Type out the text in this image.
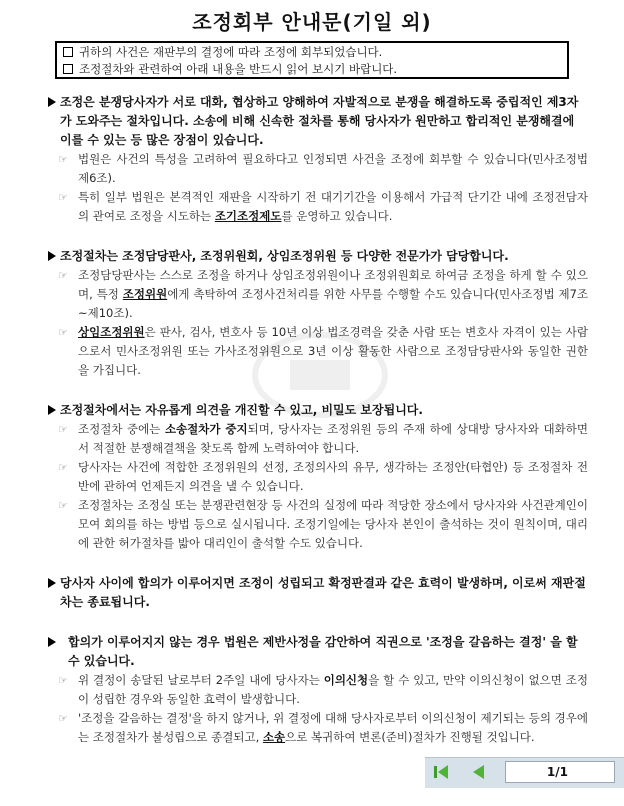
조정회부 안내문(기일 외)
귀하의 사건은 재판부의 결정에 따라 조정에 회부되었습니다.
조정절차와 관련하여 아래 내용을 반드시 읽어 보시기 바랍니다.
조정은 분쟁당사자가 서로 대화, 협상하고 양해하여 자발적으로 분쟁을 해결하도록 중립적인 제3자가 도와주는 절차입니다. 소송에 비해 신속한 절차를 통해 당사자가 원만하고 합리적인 분쟁해결에 이를 수 있는 등 많은 장점이 있습니다.
☞ 법원은 사건의 특성을 고려하여 필요하다고 인정되면 사건을 조정에 회부할 수 있습니다(민사조정법 제6조).
☞ 특히 일부 법원은 본격적인 재판을 시작하기 전 대기기간을 이용해서 가급적 단기간 내에 조정전담자의 관여로 조정을 시도하는 조기조정제도를 운영하고 있습니다.
조정절차는 조정담당판사, 조정위원회, 상임조정위원 등 다양한 전문가가 담당합니다.
☞ 조정담당판사는 스스로 조정을 하거나 상임조정위원이나 조정위원회로 하여금 조정을 하게 할 수 있으며, 특정 조정위원에게 촉탁하여 조정사건처리를 위한 사무를 수행할 수도 있습니다(민사조정법 제7조~제10조).
☞ 상임조정위원은 판사, 검사, 변호사 등 10년 이상 법조경력을 갖춘 사람 또는 변호사 자격이 있는 사람으로서 민사조정위원 또는 가사조정위원으로 3년 이상 활동한 사람으로 조정담당판사와 동일한 권한을 가집니다.
조정절차에서는 자유롭게 의견을 개진할 수 있고, 비밀도 보장됩니다.
☞ 조정절차 중에는 소송절차가 중지되며, 당사자는 조정위원 등의 주재 하에 상대방 당사자와 대화하면서 적절한 분쟁해결책을 찾도록 함께 노력하여야 합니다.
☞ 당사자는 사건에 적합한 조정위원의 선정, 조정의사의 유무, 생각하는 조정안(타협안) 등 조정절차 전반에 관하여 언제든지 의견을 낼 수 있습니다.
☞ 조정절차는 조정실 또는 분쟁관련현장 등 사건의 실정에 따라 적당한 장소에서 당사자와 사건관계인이 모여 회의를 하는 방법 등으로 실시됩니다. 조정기일에는 당사자 본인이 출석하는 것이 원칙이며, 대리에 관한 허가절차를 밟아 대리인이 출석할 수도 있습니다.
당사자 사이에 합의가 이루어지면 조정이 성립되고 확정판결과 같은 효력이 발생하며, 이로써 재판절차는 종료됩니다.
합의가 이루어지지 않는 경우 법원은 제반사정을 감안하여 직권으로 '조정을 갈음하는 결정' 을 할 수 있습니다.
☞ 위 결정이 송달된 날로부터 2주일 내에 당사자는 이의신청을 할 수 있고, 만약 이의신청이 없으면 조정이 성립한 경우와 동일한 효력이 발생합니다.
☞ '조정을 갈음하는 결정'을 하지 않거나, 위 결정에 대해 당사자로부터 이의신청이 제기되는 등의 경우에는 조정절차가 불성립으로 종결되고, 소송으로 복귀하여 변론(준비)절차가 진행될 것입니다.
1/1
